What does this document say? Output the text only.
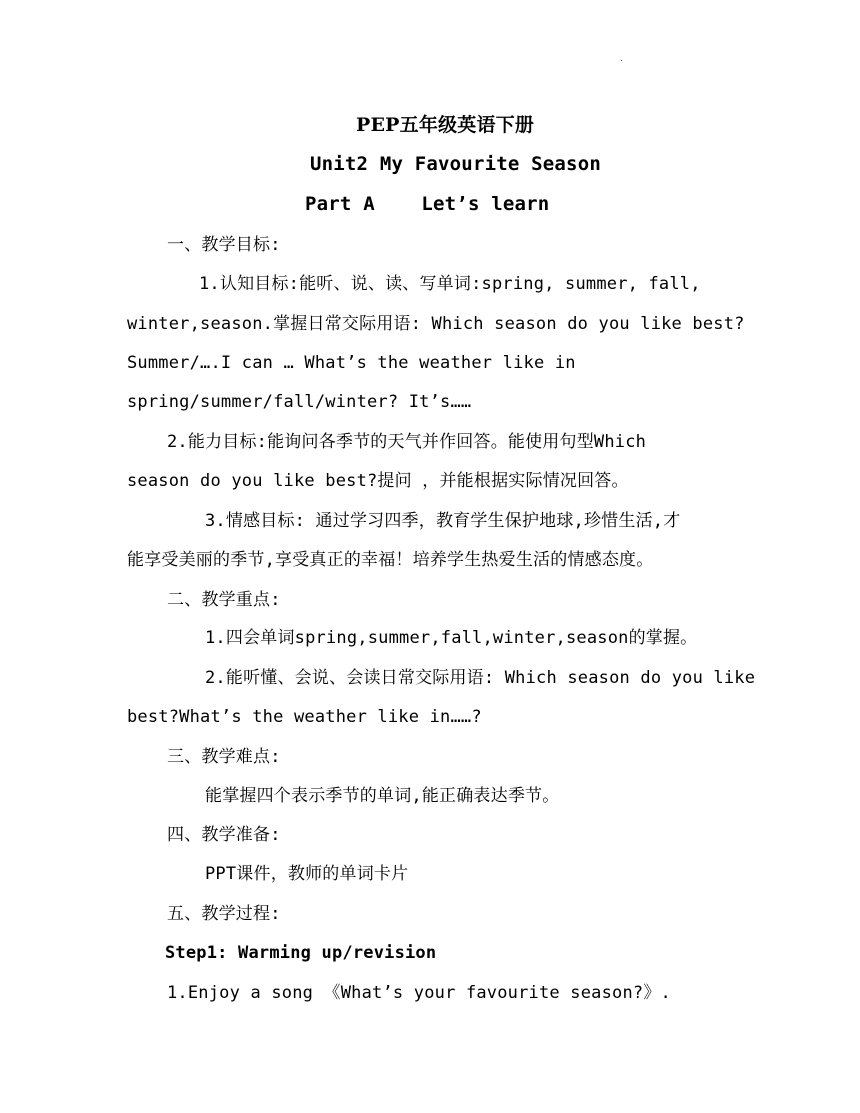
.
PEP五年级英语下册
Unit2 My Favourite Season
Part A    Let’s learn
一、教学目标:
1.认知目标:能听、说、读、写单词:spring, summer, fall,
winter,season.掌握日常交际用语: Which season do you like best?
Summer/….I can … What’s the weather like in
spring/summer/fall/winter? It’s……
2.能力目标:能询问各季节的天气并作回答。能使用句型Which
season do you like best?提问 ，并能根据实际情况回答。
3.情感目标: 通过学习四季，教育学生保护地球,珍惜生活,才
能享受美丽的季节,享受真正的幸福！培养学生热爱生活的情感态度。
二、教学重点:
1.四会单词spring,summer,fall,winter,season的掌握。
2.能听懂、会说、会读日常交际用语: Which season do you like
best?What’s the weather like in……?
三、教学难点:
能掌握四个表示季节的单词,能正确表达季节。
四、教学准备:
PPT课件，教师的单词卡片
五、教学过程:
Step1: Warming up/revision
1.Enjoy a song 《What’s your favourite season?》.
